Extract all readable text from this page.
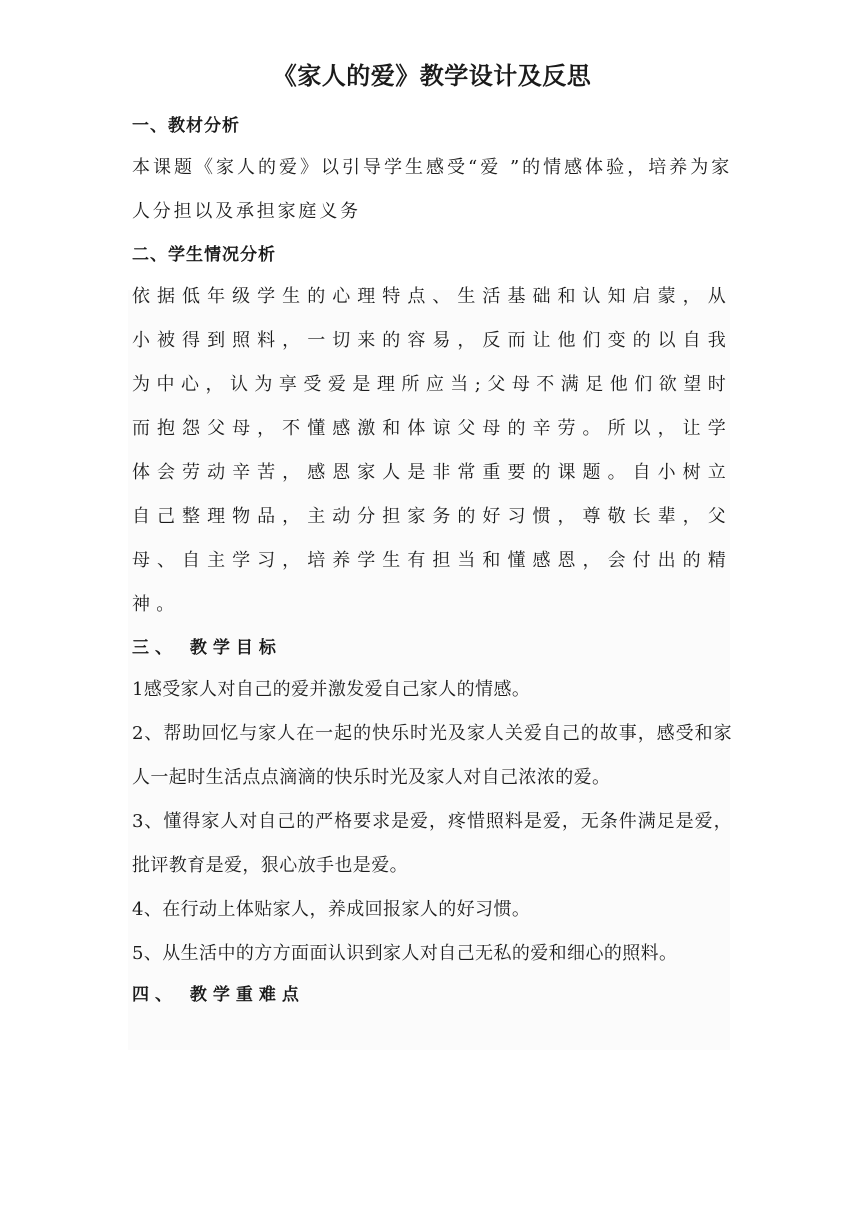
《家人的爱》教学设计及反思
一、教材分析
本课题《家人的爱》以引导学生感受“爱 ”的情感体验，培养为家人分担以及承担家庭义务
二、学生情况分析
依据低年级学生的心理特点、生活基础和认知启蒙，从小被得到照料，一切来的容易，反而让他们变的以自我为中心，认为享受爱是理所应当;父母不满足他们欲望时而抱怨父母，不懂感激和体谅父母的辛劳。所以，让学体会劳动辛苦，感恩家人是非常重要的课题。自小树立自己整理物品，主动分担家务的好习惯，尊敬长辈，父母、自主学习，培养学生有担当和懂感恩，会付出的精神。
三、 教学目标
1感受家人对自己的爱并激发爱自己家人的情感。
2、帮助回忆与家人在一起的快乐时光及家人关爱自己的故事，感受和家人一起时生活点点滴滴的快乐时光及家人对自己浓浓的爱。
3、懂得家人对自己的严格要求是爱，疼惜照料是爱，无条件满足是爱，批评教育是爱，狠心放手也是爱。
4、在行动上体贴家人，养成回报家人的好习惯。
5、从生活中的方方面面认识到家人对自己无私的爱和细心的照料。
四、 教学重难点
